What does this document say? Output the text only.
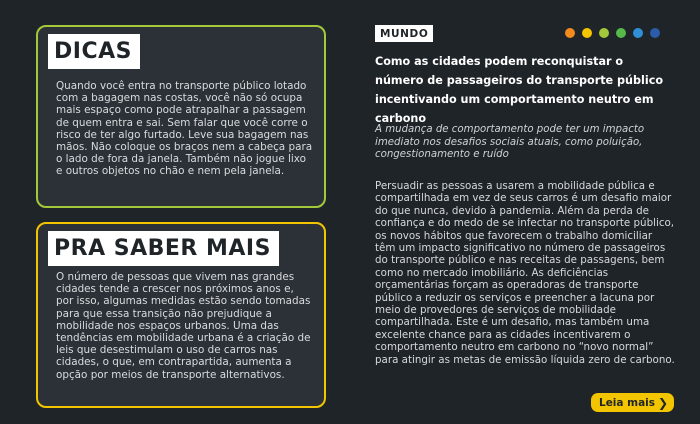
DICAS

Quando você entra no transporte público lotado com a bagagem nas costas, você não só ocupa mais espaço como pode atrapalhar a passagem de quem entra e sai. Sem falar que você corre o risco de ter algo furtado. Leve sua bagagem nas mãos. Não coloque os braços nem a cabeça para o lado de fora da janela. Também não jogue lixo e outros objetos no chão e nem pela janela.

PRA SABER MAIS

O número de pessoas que vivem nas grandes cidades tende a crescer nos próximos anos e, por isso, algumas medidas estão sendo tomadas para que essa transição não prejudique a mobilidade nos espaços urbanos. Uma das tendências em mobilidade urbana é a criação de leis que desestimulam o uso de carros nas cidades, o que, em contrapartida, aumenta a opção por meios de transporte alternativos.

MUNDO
Como as cidades podem reconquistar o número de passageiros do transporte público incentivando um comportamento neutro em carbono

A mudança de comportamento pode ter um impacto imediato nos desafios sociais atuais, como poluição, congestionamento e ruído

Persuadir as pessoas a usarem a mobilidade pública e compartilhada em vez de seus carros é um desafio maior do que nunca, devido à pandemia. Além da perda de confiança e do medo de se infectar no transporte público, os novos hábitos que favorecem o trabalho domiciliar têm um impacto significativo no número de passageiros do transporte público e nas receitas de passagens, bem como no mercado imobiliário. As deficiências orçamentárias forçam as operadoras de transporte público a reduzir os serviços e preencher a lacuna por meio de provedores de serviços de mobilidade compartilhada. Este é um desafio, mas também uma excelente chance para as cidades incentivarem o comportamento neutro em carbono no “novo normal” para atingir as metas de emissão líquida zero de carbono.

Leia mais ❯
